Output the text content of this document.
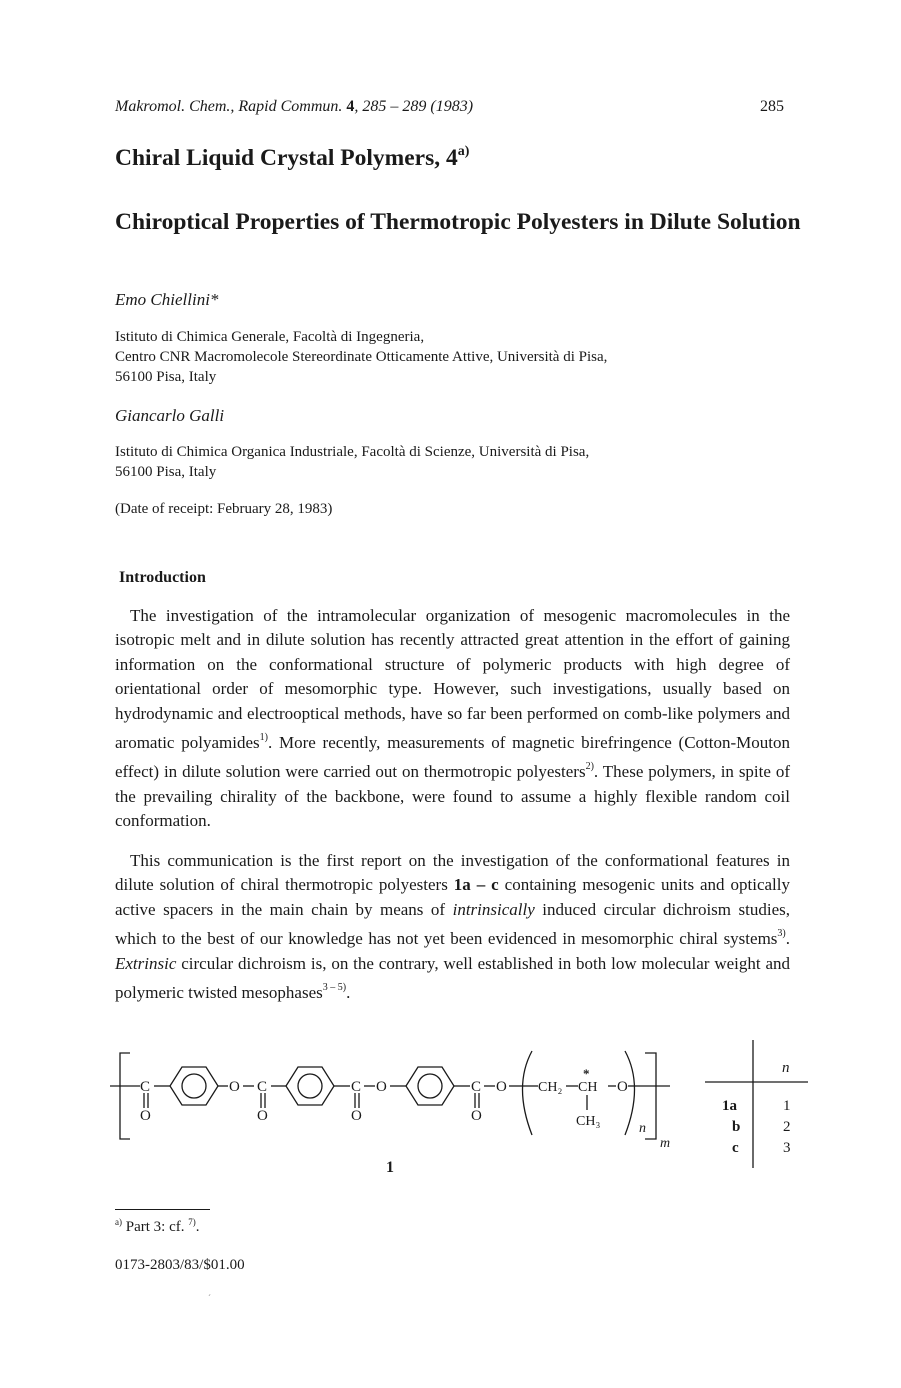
Makromol. Chem., Rapid Commun. 4, 285 – 289 (1983)	285
Chiral Liquid Crystal Polymers, 4$^{a)}$
Chiroptical Properties of Thermotropic Polyesters in Dilute Solution
Emo Chiellini*
Istituto di Chimica Generale, Facoltà di Ingegneria,
Centro CNR Macromolecole Stereordinate Otticamente Attive, Università di Pisa,
56100 Pisa, Italy
Giancarlo Galli
Istituto di Chimica Organica Industriale, Facoltà di Scienze, Università di Pisa,
56100 Pisa, Italy
(Date of receipt: February 28, 1983)
Introduction

The investigation of the intramolecular organization of mesogenic macromolecules in the isotropic melt and in dilute solution has recently attracted great attention in the effort of gaining information on the conformational structure of polymeric products with high degree of orientational order of mesomorphic type. However, such investigations, usually based on hydrodynamic and electrooptical methods, have so far been performed on comb-like polymers and aromatic polyamides$^{1)}$. More recently, measurements of magnetic birefringence (Cotton-Mouton effect) in dilute solution were carried out on thermotropic polyesters$^{2)}$. These polymers, in spite of the prevailing chirality of the backbone, were found to assume a highly flexible random coil conformation.

This communication is the first report on the investigation of the conformational features in dilute solution of chiral thermotropic polyesters 1a – c containing mesogenic units and optically active spacers in the main chain by means of intrinsically induced circular dichroism studies, which to the best of our knowledge has not yet been evidenced in mesomorphic chiral systems$^{3)}$. Extrinsic circular dichroism is, on the contrary, well established in both low molecular weight and polymeric twisted mesophases$^{3 - 5)}$.

C
O
O C
O
C
O
O	C
O
O CH₂ CH
*
CH₃
O
n
m
1
n
1a	1
b	2
c	3
$^{a)}$ Part 3: cf. $^{7)}$.
0173-2803/83/$01.00
´
